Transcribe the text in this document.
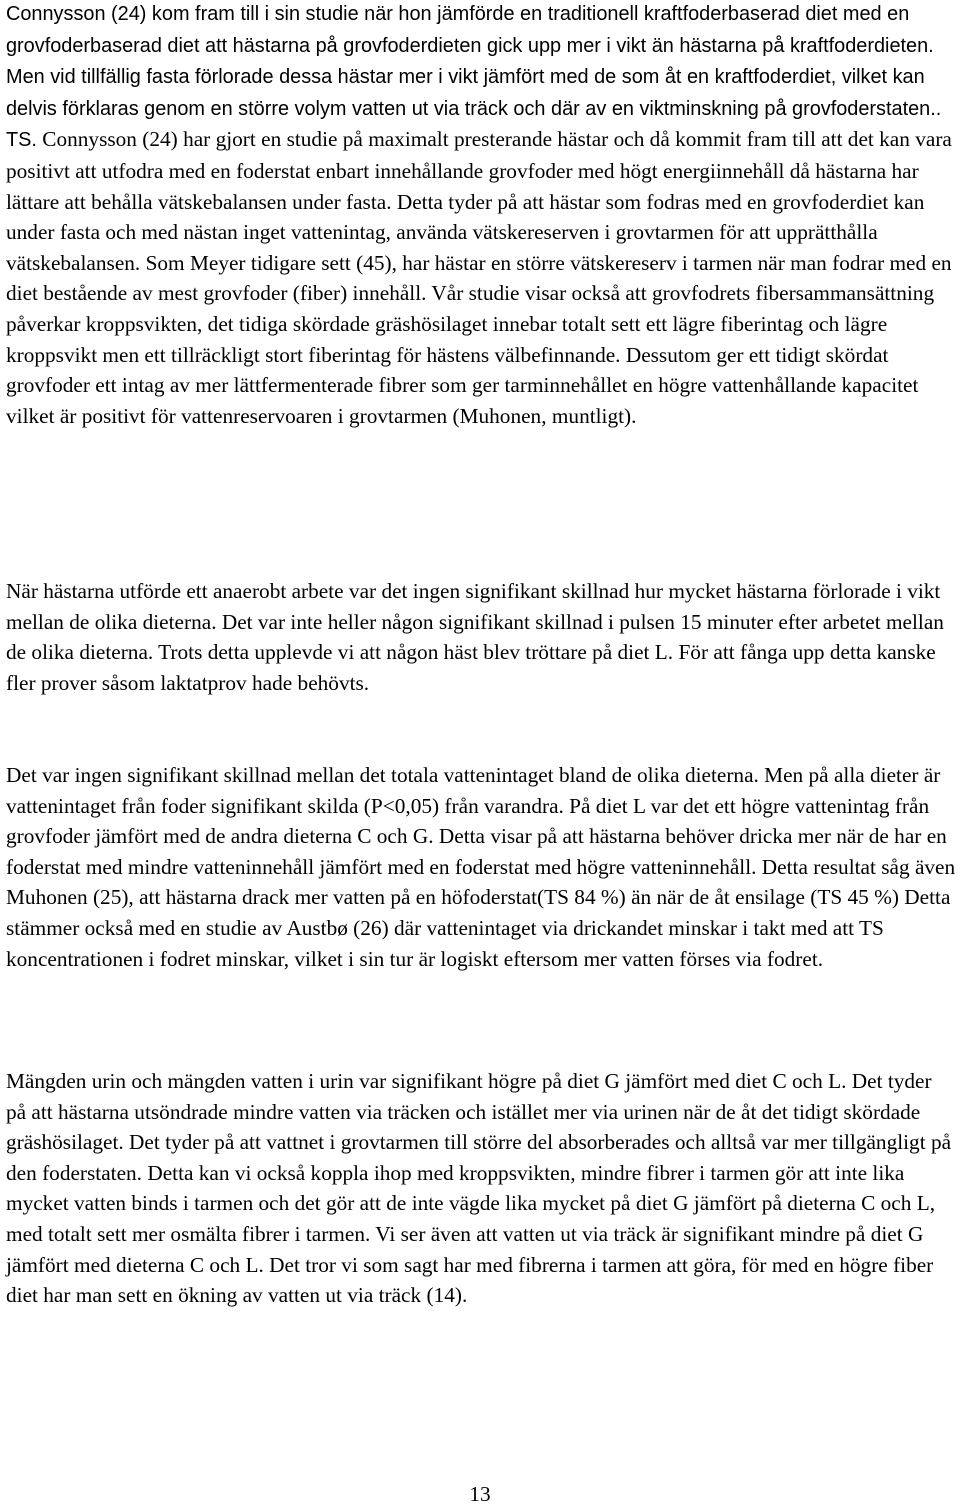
Connysson (24) kom fram till i sin studie när hon jämförde en traditionell kraftfoderbaserad diet med en grovfoderbaserad diet att hästarna på grovfoderdieten gick upp mer i vikt än hästarna på kraftfoderdieten. Men vid tillfällig fasta förlorade dessa hästar mer i vikt jämfört med de som åt en kraftfoderdiet, vilket kan delvis förklaras genom en större volym vatten ut via träck och där av en viktminskning på grovfoderstaten.. TS. Connysson (24) har gjort en studie på maximalt presterande hästar och då kommit fram till att det kan vara positivt att utfodra med en foderstat enbart innehållande grovfoder med högt energiinnehåll då hästarna har lättare att behålla vätskebalansen under fasta. Detta tyder på att hästar som fodras med en grovfoderdiet kan under fasta och med nästan inget vattenintag, använda vätskereserven i grovtarmen för att upprätthålla vätskebalansen. Som Meyer tidigare sett (45), har hästar en större vätskereserv i tarmen när man fodrar med en diet bestående av mest grovfoder (fiber) innehåll. Vår studie visar också att grovfodrets fibersammansättning påverkar kroppsvikten, det tidiga skördade gräshösilaget innebar totalt sett ett lägre fiberintag och lägre kroppsvikt men ett tillräckligt stort fiberintag för hästens välbefinnande. Dessutom ger ett tidigt skördat grovfoder ett intag av mer lättfermenterade fibrer som ger tarminnehållet en högre vattenhållande kapacitet vilket är positivt för vattenreservoaren i grovtarmen (Muhonen, muntligt).

När hästarna utförde ett anaerobt arbete var det ingen signifikant skillnad hur mycket hästarna förlorade i vikt mellan de olika dieterna. Det var inte heller någon signifikant skillnad i pulsen 15 minuter efter arbetet mellan de olika dieterna. Trots detta upplevde vi att någon häst blev tröttare på diet L. För att fånga upp detta kanske fler prover såsom laktatprov hade behövts.

Det var ingen signifikant skillnad mellan det totala vattenintaget bland de olika dieterna. Men på alla dieter är vattenintaget från foder signifikant skilda (P<0,05) från varandra. På diet L var det ett högre vattenintag från grovfoder jämfört med de andra dieterna C och G. Detta visar på att hästarna behöver dricka mer när de har en foderstat med mindre vatteninnehåll jämfört med en foderstat med högre vatteninnehåll. Detta resultat såg även Muhonen (25), att hästarna drack mer vatten på en höfoderstat(TS 84 %) än när de åt ensilage (TS 45 %) Detta stämmer också med en studie av Austbø (26) där vattenintaget via drickandet minskar i takt med att TS koncentrationen i fodret minskar, vilket i sin tur är logiskt eftersom mer vatten förses via fodret.

Mängden urin och mängden vatten i urin var signifikant högre på diet G jämfört med diet C och L. Det tyder på att hästarna utsöndrade mindre vatten via träcken och istället mer via urinen när de åt det tidigt skördade gräshösilaget. Det tyder på att vattnet i grovtarmen till större del absorberades och alltså var mer tillgängligt på den foderstaten. Detta kan vi också koppla ihop med kroppsvikten, mindre fibrer i tarmen gör att inte lika mycket vatten binds i tarmen och det gör att de inte vägde lika mycket på diet G jämfört på dieterna C och L, med totalt sett mer osmälta fibrer i tarmen. Vi ser även att vatten ut via träck är signifikant mindre på diet G jämfört med dieterna C och L. Det tror vi som sagt har med fibrerna i tarmen att göra, för med en högre fiber diet har man sett en ökning av vatten ut via träck (14).

13
